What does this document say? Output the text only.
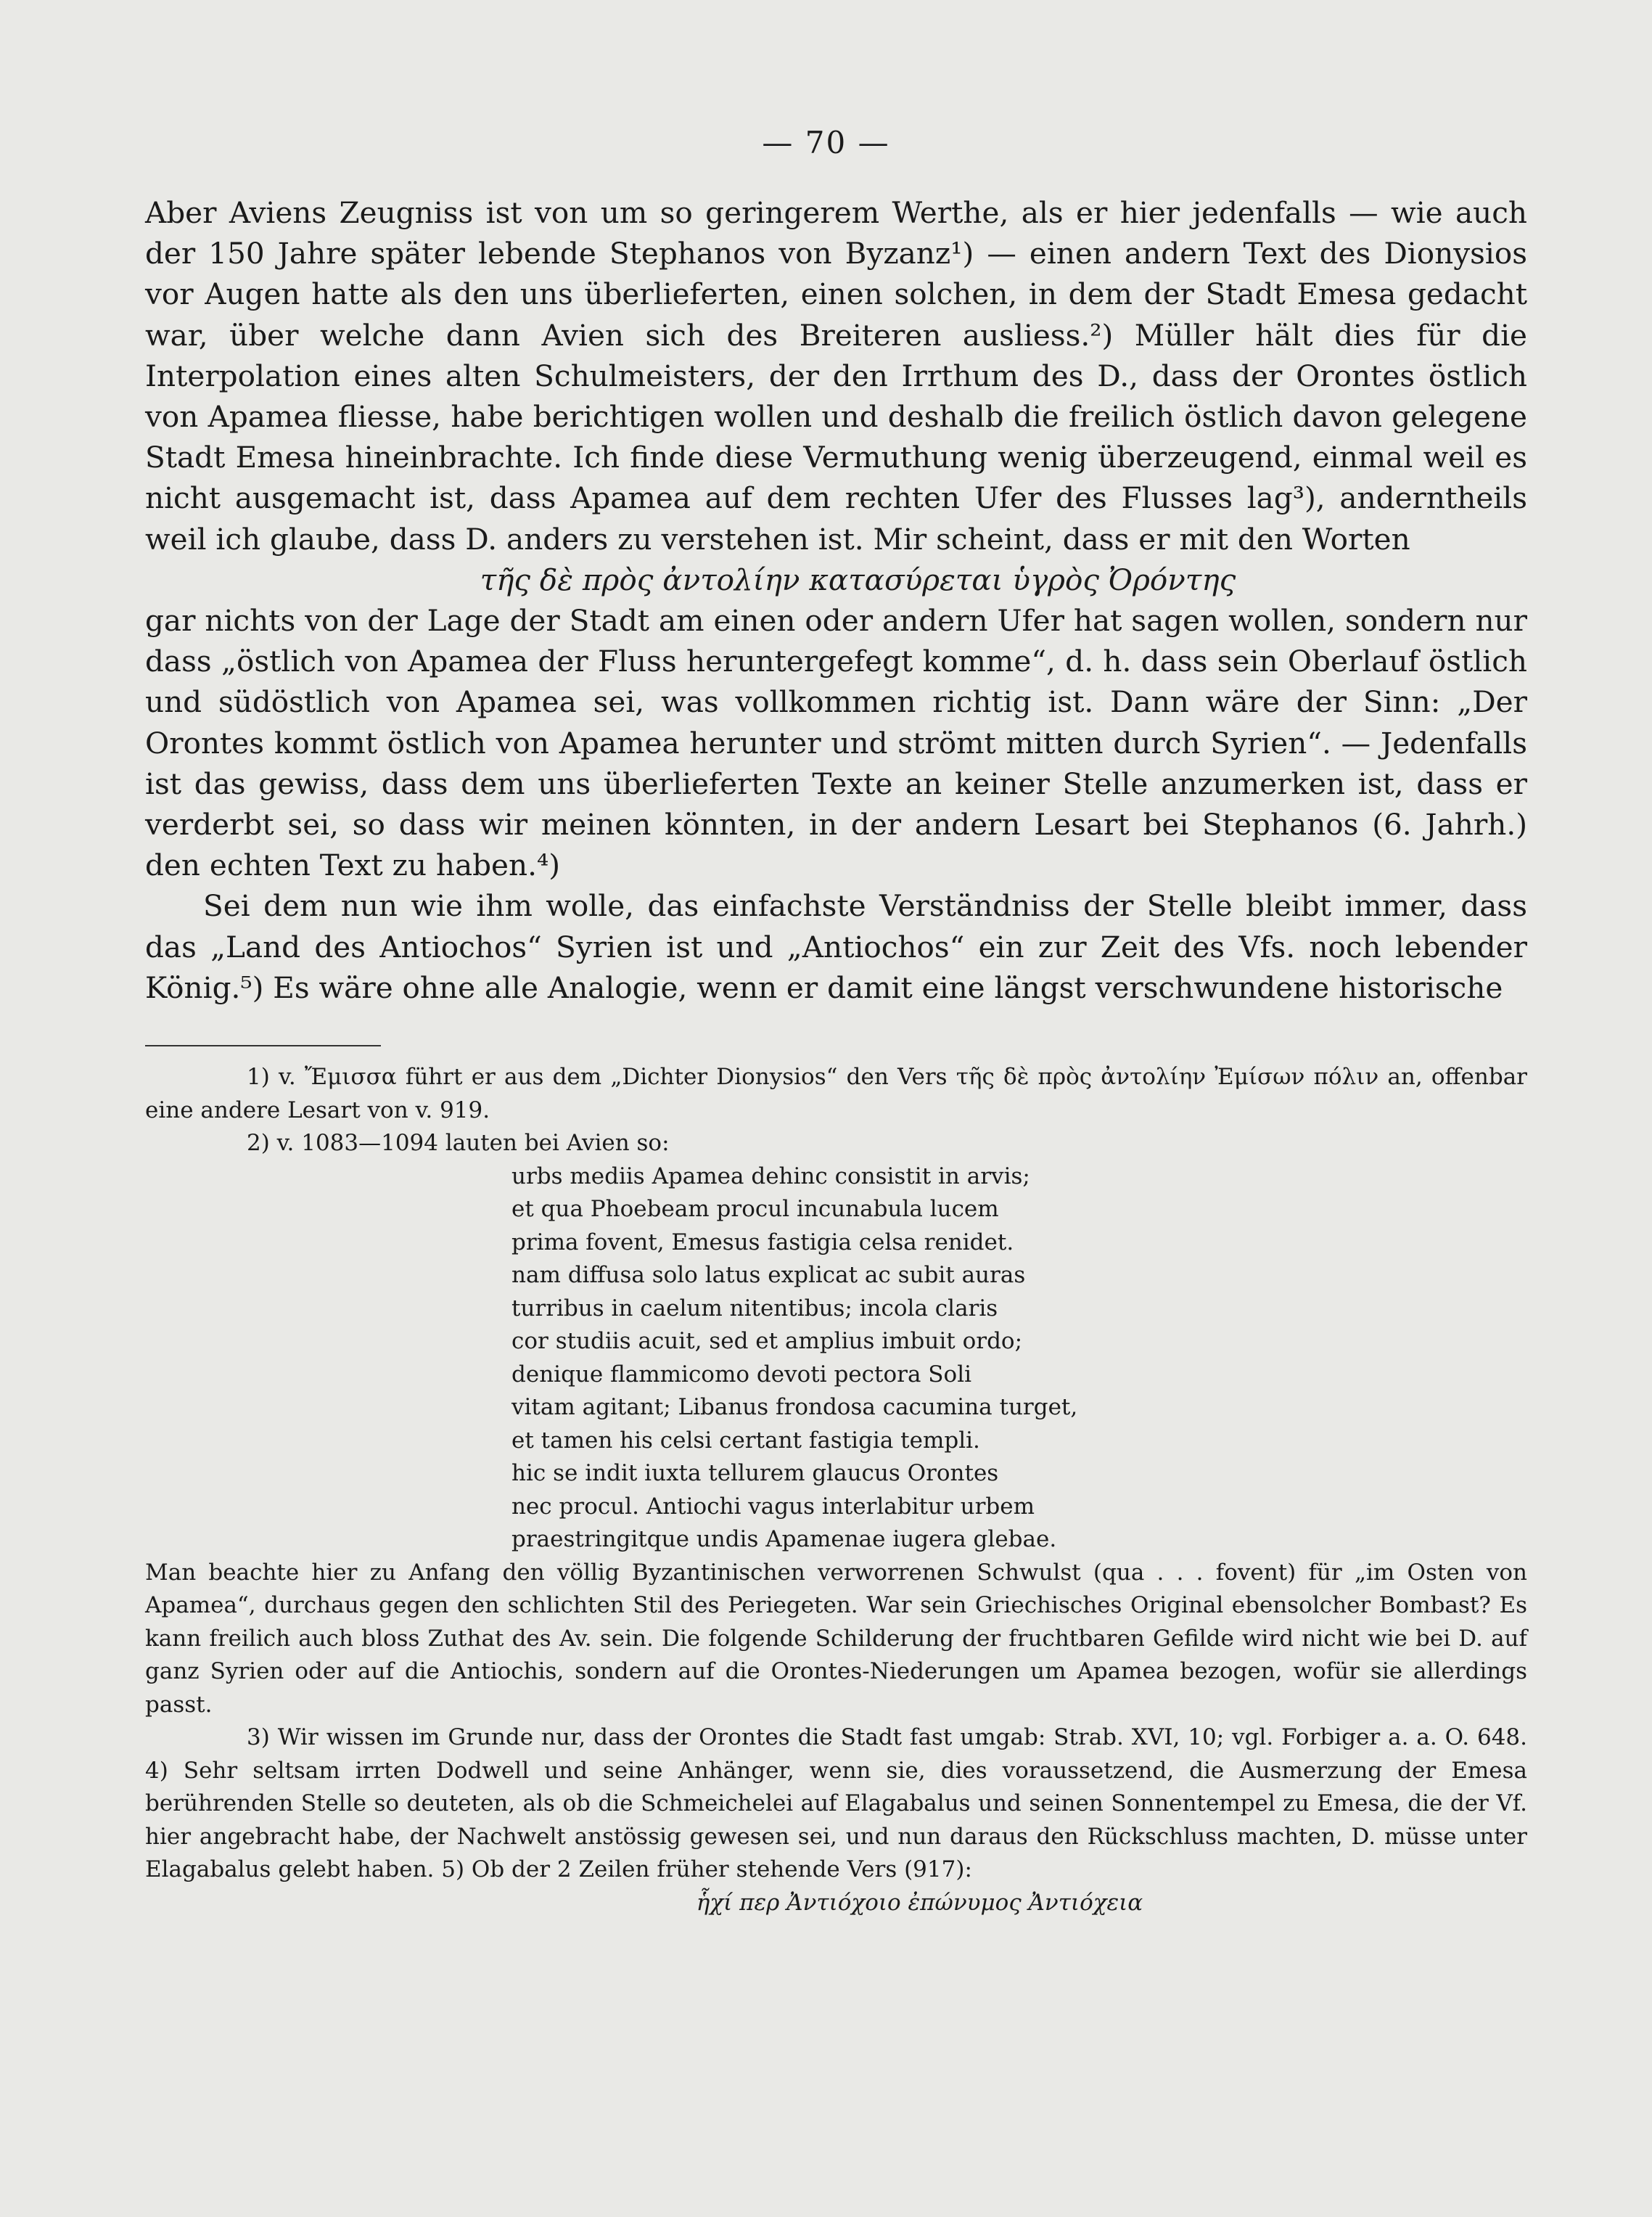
— 70 —

Aber Aviens Zeugniss ist von um so geringerem Werthe, als er hier jedenfalls — wie auch der 150 Jahre später lebende Stephanos von Byzanz¹) — einen andern Text des Dionysios vor Augen hatte als den uns überlieferten, einen solchen, in dem der Stadt Emesa gedacht war, über welche dann Avien sich des Breiteren ausliess.²) Müller hält dies für die Interpolation eines alten Schulmeisters, der den Irrthum des D., dass der Orontes östlich von Apamea fliesse, habe berichtigen wollen und deshalb die freilich östlich davon gelegene Stadt Emesa hineinbrachte. Ich finde diese Vermuthung wenig überzeugend, einmal weil es nicht ausgemacht ist, dass Apamea auf dem rechten Ufer des Flusses lag³), anderntheils weil ich glaube, dass D. anders zu verstehen ist. Mir scheint, dass er mit den Worten

τῆς δὲ πρὸς ἀντολίην κατασύρεται ὑγρὸς Ὀρόντης

gar nichts von der Lage der Stadt am einen oder andern Ufer hat sagen wollen, sondern nur dass „östlich von Apamea der Fluss heruntergefegt komme“, d. h. dass sein Oberlauf östlich und südöstlich von Apamea sei, was vollkommen richtig ist. Dann wäre der Sinn: „Der Orontes kommt östlich von Apamea herunter und strömt mitten durch Syrien“. — Jedenfalls ist das gewiss, dass dem uns überlieferten Texte an keiner Stelle anzumerken ist, dass er verderbt sei, so dass wir meinen könnten, in der andern Lesart bei Stephanos (6. Jahrh.) den echten Text zu haben.⁴)

Sei dem nun wie ihm wolle, das einfachste Verständniss der Stelle bleibt immer, dass das „Land des Antiochos“ Syrien ist und „Antiochos“ ein zur Zeit des Vfs. noch lebender König.⁵) Es wäre ohne alle Analogie, wenn er damit eine längst verschwundene historische

1) v. Ἔμισσα führt er aus dem „Dichter Dionysios“ den Vers τῆς δὲ πρὸς ἀντολίην Ἐμίσων πόλιν an, offenbar eine andere Lesart von v. 919.

2) v. 1083—1094 lauten bei Avien so:

urbs mediis Apamea dehinc consistit in arvis;
et qua Phoebeam procul incunabula lucem
prima fovent, Emesus fastigia celsa renidet.
nam diffusa solo latus explicat ac subit auras
turribus in caelum nitentibus; incola claris
cor studiis acuit, sed et amplius imbuit ordo;
denique flammicomo devoti pectora Soli
vitam agitant; Libanus frondosa cacumina turget,
et tamen his celsi certant fastigia templi.
hic se indit iuxta tellurem glaucus Orontes
nec procul. Antiochi vagus interlabitur urbem
praestringitque undis Apamenae iugera glebae.

Man beachte hier zu Anfang den völlig Byzantinischen verworrenen Schwulst (qua . . . fovent) für „im Osten von Apamea“, durchaus gegen den schlichten Stil des Periegeten. War sein Griechisches Original ebensolcher Bombast? Es kann freilich auch bloss Zuthat des Av. sein. Die folgende Schilderung der fruchtbaren Gefilde wird nicht wie bei D. auf ganz Syrien oder auf die Antiochis, sondern auf die Orontes-Niederungen um Apamea bezogen, wofür sie allerdings passt.

3) Wir wissen im Grunde nur, dass der Orontes die Stadt fast umgab: Strab. XVI, 10; vgl. Forbiger a. a. O. 648. 4) Sehr seltsam irrten Dodwell und seine Anhänger, wenn sie, dies voraussetzend, die Ausmerzung der Emesa berührenden Stelle so deuteten, als ob die Schmeichelei auf Elagabalus und seinen Sonnentempel zu Emesa, die der Vf. hier angebracht habe, der Nachwelt anstössig gewesen sei, und nun daraus den Rückschluss machten, D. müsse unter Elagabalus gelebt haben. 5) Ob der 2 Zeilen früher stehende Vers (917):

ἧχί περ Ἀντιόχοιο ἐπώνυμος Ἀντιόχεια
